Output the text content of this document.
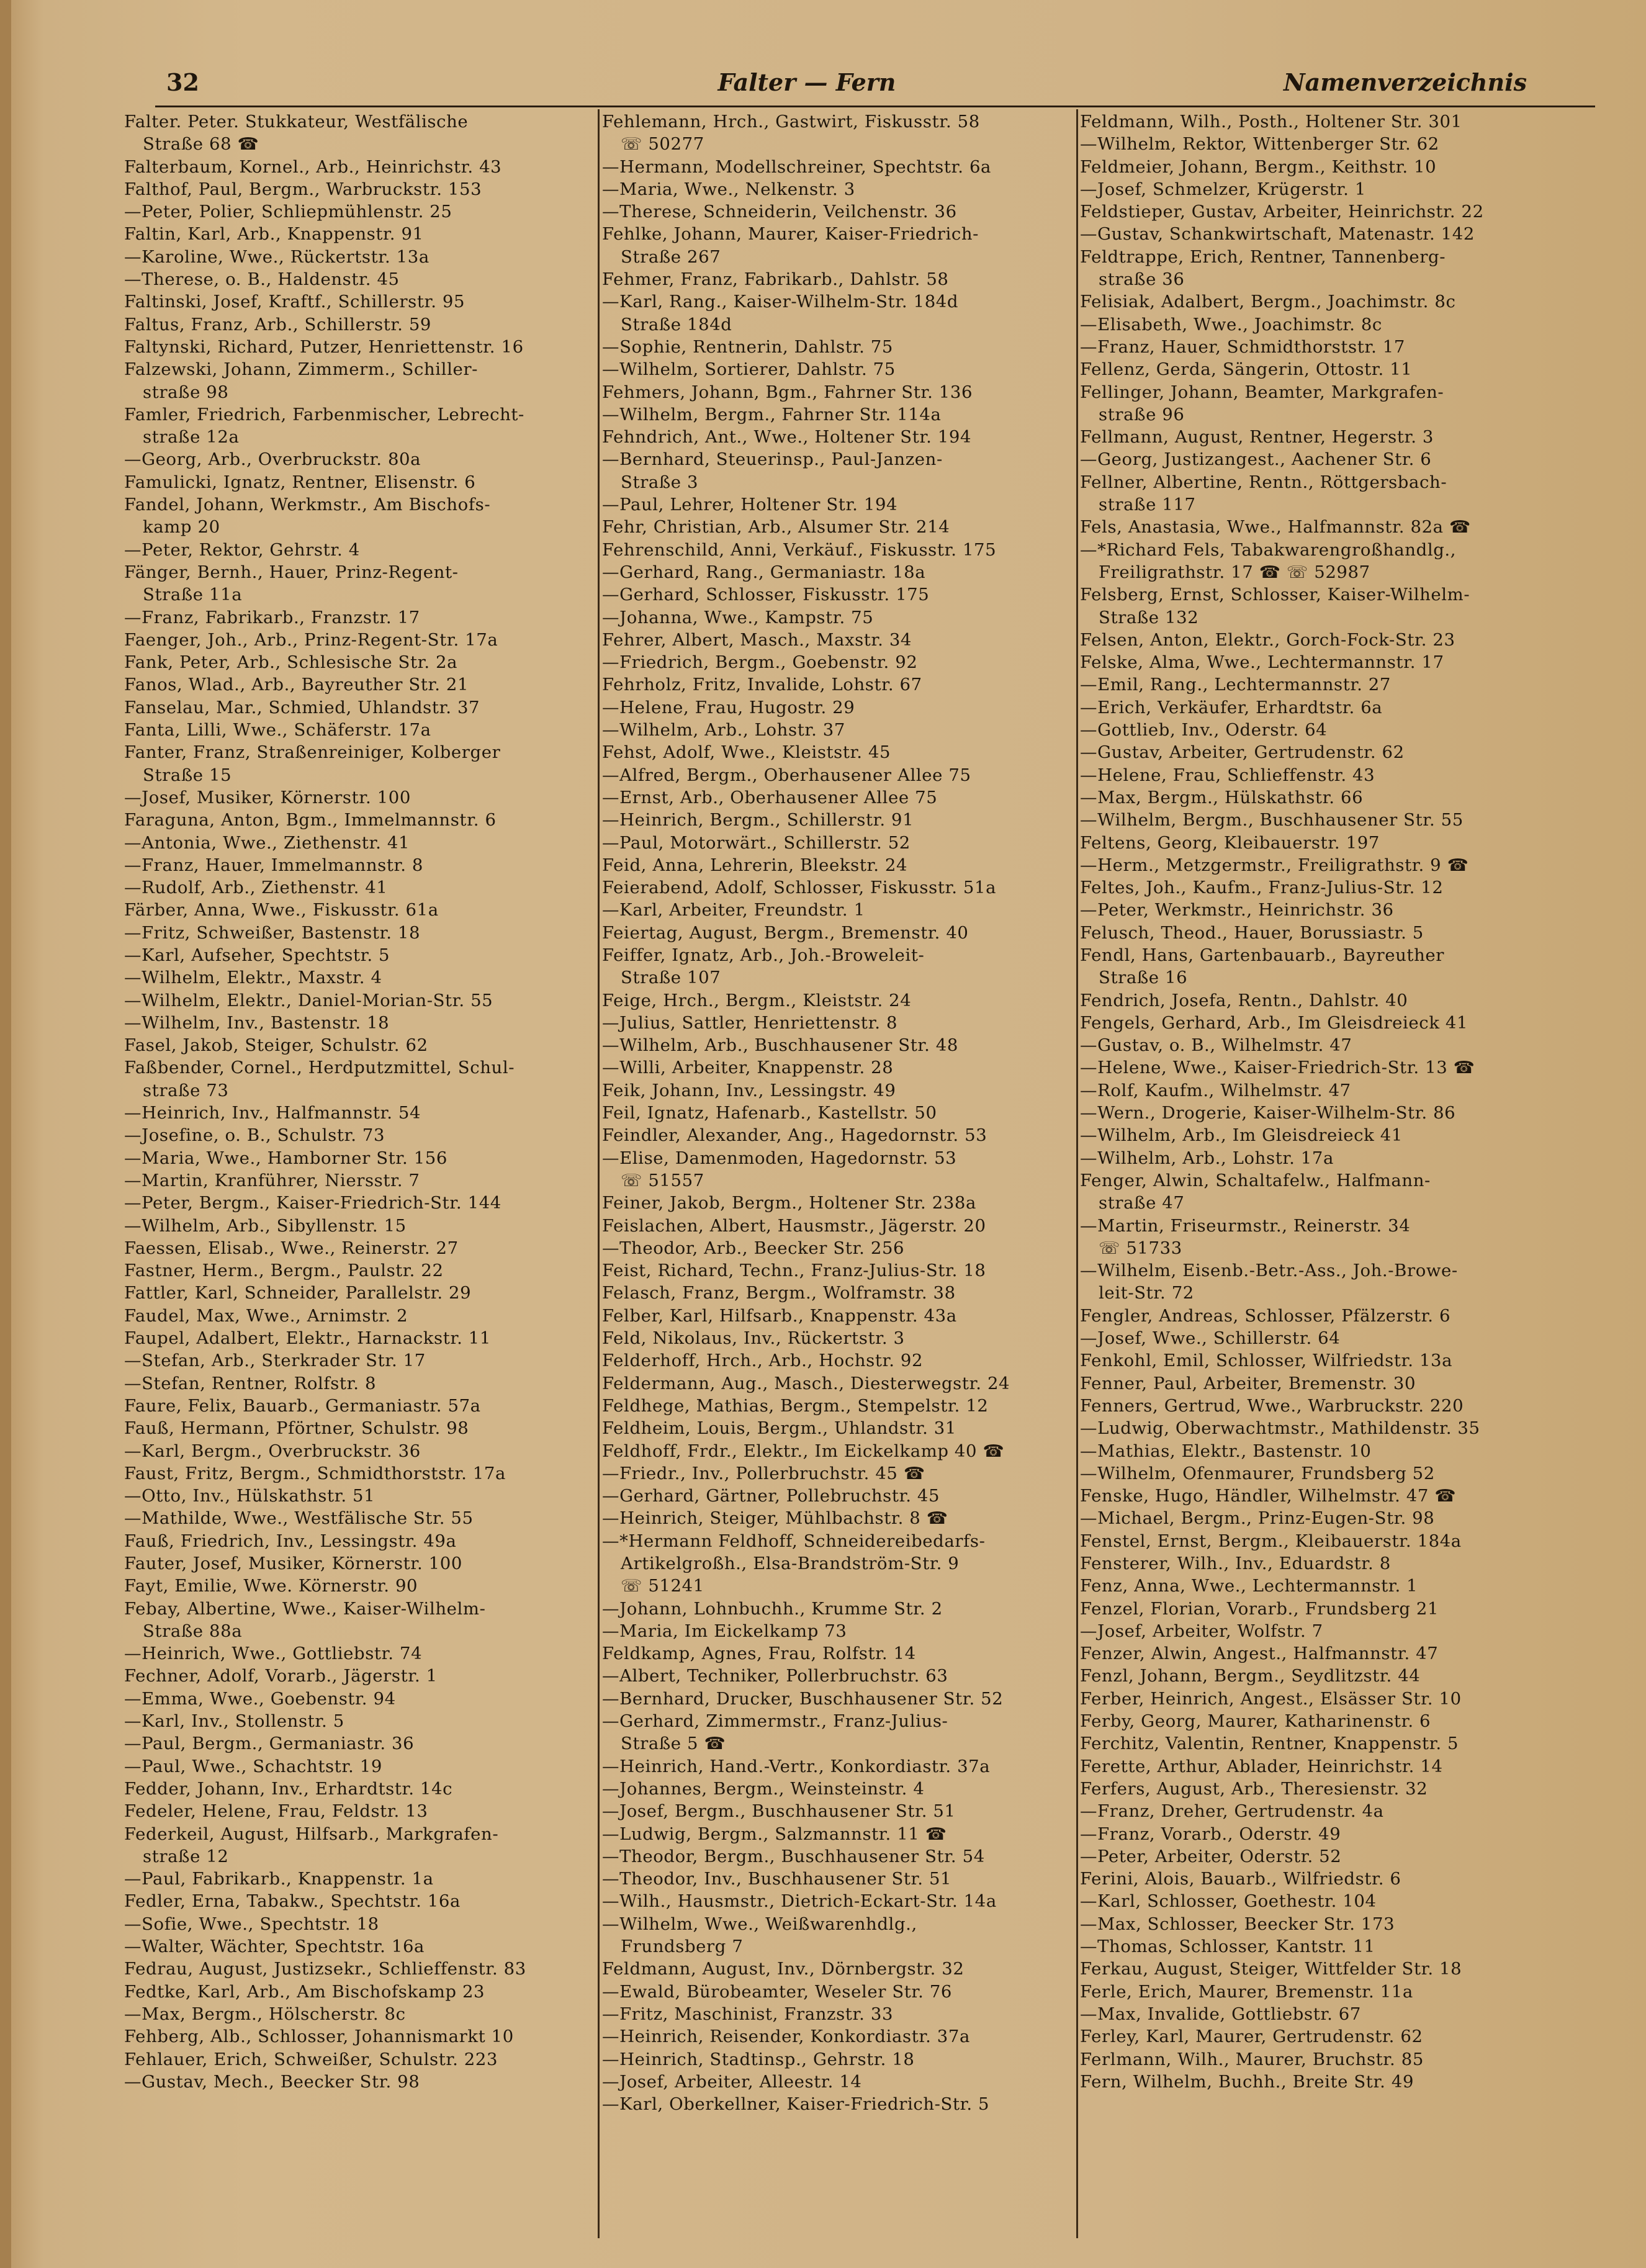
Falter — Fern
32	Namenverzeichnis
Falter. Peter. Stukkateur, Westfälische
Straße 68 ☎
Falterbaum, Kornel., Arb., Heinrichstr. 43
Falthof, Paul, Bergm., Warbruckstr. 153
—Peter, Polier, Schliepmühlenstr. 25
Faltin, Karl, Arb., Knappenstr. 91
—Karoline, Wwe., Rückertstr. 13a
—Therese, o. B., Haldenstr. 45
Faltinski, Josef, Kraftf., Schillerstr. 95
Faltus, Franz, Arb., Schillerstr. 59
Faltynski, Richard, Putzer, Henriettenstr. 16
Falzewski, Johann, Zimmerm., Schiller-
straße 98
Famler, Friedrich, Farbenmischer, Lebrecht-
straße 12a
—Georg, Arb., Overbruckstr. 80a
Famulicki, Ignatz, Rentner, Elisenstr. 6
Fandel, Johann, Werkmstr., Am Bischofs-
kamp 20
—Peter, Rektor, Gehrstr. 4
Fänger, Bernh., Hauer, Prinz-Regent-
Straße 11a
—Franz, Fabrikarb., Franzstr. 17
Faenger, Joh., Arb., Prinz-Regent-Str. 17a
Fank, Peter, Arb., Schlesische Str. 2a
Fanos, Wlad., Arb., Bayreuther Str. 21
Fanselau, Mar., Schmied, Uhlandstr. 37
Fanta, Lilli, Wwe., Schäferstr. 17a
Fanter, Franz, Straßenreiniger, Kolberger
Straße 15
—Josef, Musiker, Körnerstr. 100
Faraguna, Anton, Bgm., Immelmannstr. 6
—Antonia, Wwe., Ziethenstr. 41
—Franz, Hauer, Immelmannstr. 8
—Rudolf, Arb., Ziethenstr. 41
Färber, Anna, Wwe., Fiskusstr. 61a
—Fritz, Schweißer, Bastenstr. 18
—Karl, Aufseher, Spechtstr. 5
—Wilhelm, Elektr., Maxstr. 4
—Wilhelm, Elektr., Daniel-Morian-Str. 55
—Wilhelm, Inv., Bastenstr. 18
Fasel, Jakob, Steiger, Schulstr. 62
Faßbender, Cornel., Herdputzmittel, Schul-
straße 73
—Heinrich, Inv., Halfmannstr. 54
—Josefine, o. B., Schulstr. 73
—Maria, Wwe., Hamborner Str. 156
—Martin, Kranführer, Niersstr. 7
—Peter, Bergm., Kaiser-Friedrich-Str. 144
—Wilhelm, Arb., Sibyllenstr. 15
Faessen, Elisab., Wwe., Reinerstr. 27
Fastner, Herm., Bergm., Paulstr. 22
Fattler, Karl, Schneider, Parallelstr. 29
Faudel, Max, Wwe., Arnimstr. 2
Faupel, Adalbert, Elektr., Harnackstr. 11
—Stefan, Arb., Sterkrader Str. 17
—Stefan, Rentner, Rolfstr. 8
Faure, Felix, Bauarb., Germaniastr. 57a
Fauß, Hermann, Pförtner, Schulstr. 98
—Karl, Bergm., Overbruckstr. 36
Faust, Fritz, Bergm., Schmidthorststr. 17a
—Otto, Inv., Hülskathstr. 51
—Mathilde, Wwe., Westfälische Str. 55
Fauß, Friedrich, Inv., Lessingstr. 49a
Fauter, Josef, Musiker, Körnerstr. 100
Fayt, Emilie, Wwe. Körnerstr. 90
Febay, Albertine, Wwe., Kaiser-Wilhelm-
Straße 88a
—Heinrich, Wwe., Gottliebstr. 74
Fechner, Adolf, Vorarb., Jägerstr. 1
—Emma, Wwe., Goebenstr. 94
—Karl, Inv., Stollenstr. 5
—Paul, Bergm., Germaniastr. 36
—Paul, Wwe., Schachtstr. 19
Fedder, Johann, Inv., Erhardtstr. 14c
Fedeler, Helene, Frau, Feldstr. 13
Federkeil, August, Hilfsarb., Markgrafen-
straße 12
—Paul, Fabrikarb., Knappenstr. 1a
Fedler, Erna, Tabakw., Spechtstr. 16a
—Sofie, Wwe., Spechtstr. 18
—Walter, Wächter, Spechtstr. 16a
Fedrau, August, Justizsekr., Schlieffenstr. 83
Fedtke, Karl, Arb., Am Bischofskamp 23
—Max, Bergm., Hölscherstr. 8c
Fehberg, Alb., Schlosser, Johannismarkt 10
Fehlauer, Erich, Schweißer, Schulstr. 223
—Gustav, Mech., Beecker Str. 98
Fehlemann, Hrch., Gastwirt, Fiskusstr. 58
☏ 50277
—Hermann, Modellschreiner, Spechtstr. 6a
—Maria, Wwe., Nelkenstr. 3
—Therese, Schneiderin, Veilchenstr. 36
Fehlke, Johann, Maurer, Kaiser-Friedrich-
Straße 267
Fehmer, Franz, Fabrikarb., Dahlstr. 58
—Karl, Rang., Kaiser-Wilhelm-Str. 184d
Straße 184d
—Sophie, Rentnerin, Dahlstr. 75
—Wilhelm, Sortierer, Dahlstr. 75
Fehmers, Johann, Bgm., Fahrner Str. 136
—Wilhelm, Bergm., Fahrner Str. 114a
Fehndrich, Ant., Wwe., Holtener Str. 194
—Bernhard, Steuerinsp., Paul-Janzen-
Straße 3
—Paul, Lehrer, Holtener Str. 194
Fehr, Christian, Arb., Alsumer Str. 214
Fehrenschild, Anni, Verkäuf., Fiskusstr. 175
—Gerhard, Rang., Germaniastr. 18a
—Gerhard, Schlosser, Fiskusstr. 175
—Johanna, Wwe., Kampstr. 75
Fehrer, Albert, Masch., Maxstr. 34
—Friedrich, Bergm., Goebenstr. 92
Fehrholz, Fritz, Invalide, Lohstr. 67
—Helene, Frau, Hugostr. 29
—Wilhelm, Arb., Lohstr. 37
Fehst, Adolf, Wwe., Kleiststr. 45
—Alfred, Bergm., Oberhausener Allee 75
—Ernst, Arb., Oberhausener Allee 75
—Heinrich, Bergm., Schillerstr. 91
—Paul, Motorwärt., Schillerstr. 52
Feid, Anna, Lehrerin, Bleekstr. 24
Feierabend, Adolf, Schlosser, Fiskusstr. 51a
—Karl, Arbeiter, Freundstr. 1
Feiertag, August, Bergm., Bremenstr. 40
Feiffer, Ignatz, Arb., Joh.-Broweleit-
Straße 107
Feige, Hrch., Bergm., Kleiststr. 24
—Julius, Sattler, Henriettenstr. 8
—Wilhelm, Arb., Buschhausener Str. 48
—Willi, Arbeiter, Knappenstr. 28
Feik, Johann, Inv., Lessingstr. 49
Feil, Ignatz, Hafenarb., Kastellstr. 50
Feindler, Alexander, Ang., Hagedornstr. 53
—Elise, Damenmoden, Hagedornstr. 53
☏ 51557
Feiner, Jakob, Bergm., Holtener Str. 238a
Feislachen, Albert, Hausmstr., Jägerstr. 20
—Theodor, Arb., Beecker Str. 256
Feist, Richard, Techn., Franz-Julius-Str. 18
Felasch, Franz, Bergm., Wolframstr. 38
Felber, Karl, Hilfsarb., Knappenstr. 43a
Feld, Nikolaus, Inv., Rückertstr. 3
Felderhoff, Hrch., Arb., Hochstr. 92
Feldermann, Aug., Masch., Diesterwegstr. 24
Feldhege, Mathias, Bergm., Stempelstr. 12
Feldheim, Louis, Bergm., Uhlandstr. 31
Feldhoff, Frdr., Elektr., Im Eickelkamp 40 ☎
—Friedr., Inv., Pollerbruchstr. 45 ☎
—Gerhard, Gärtner, Pollebruchstr. 45
—Heinrich, Steiger, Mühlbachstr. 8 ☎
—*Hermann Feldhoff, Schneidereibedarfs-
Artikelgroßh., Elsa-Brandström-Str. 9
☏ 51241
—Johann, Lohnbuchh., Krumme Str. 2
—Maria, Im Eickelkamp 73
Feldkamp, Agnes, Frau, Rolfstr. 14
—Albert, Techniker, Pollerbruchstr. 63
—Bernhard, Drucker, Buschhausener Str. 52
—Gerhard, Zimmermstr., Franz-Julius-
Straße 5 ☎
—Heinrich, Hand.-Vertr., Konkordiastr. 37a
—Johannes, Bergm., Weinsteinstr. 4
—Josef, Bergm., Buschhausener Str. 51
—Ludwig, Bergm., Salzmannstr. 11 ☎
—Theodor, Bergm., Buschhausener Str. 54
—Theodor, Inv., Buschhausener Str. 51
—Wilh., Hausmstr., Dietrich-Eckart-Str. 14a
—Wilhelm, Wwe., Weißwarenhdlg.,
Frundsberg 7
Feldmann, August, Inv., Dörnbergstr. 32
—Ewald, Bürobeamter, Weseler Str. 76
—Fritz, Maschinist, Franzstr. 33
—Heinrich, Reisender, Konkordiastr. 37a
—Heinrich, Stadtinsp., Gehrstr. 18
—Josef, Arbeiter, Alleestr. 14
—Karl, Oberkellner, Kaiser-Friedrich-Str. 5
Feldmann, Wilh., Posth., Holtener Str. 301
—Wilhelm, Rektor, Wittenberger Str. 62
Feldmeier, Johann, Bergm., Keithstr. 10
—Josef, Schmelzer, Krügerstr. 1
Feldstieper, Gustav, Arbeiter, Heinrichstr. 22
—Gustav, Schankwirtschaft, Matenastr. 142
Feldtrappe, Erich, Rentner, Tannenberg-
straße 36
Felisiak, Adalbert, Bergm., Joachimstr. 8c
—Elisabeth, Wwe., Joachimstr. 8c
—Franz, Hauer, Schmidthorststr. 17
Fellenz, Gerda, Sängerin, Ottostr. 11
Fellinger, Johann, Beamter, Markgrafen-
straße 96
Fellmann, August, Rentner, Hegerstr. 3
—Georg, Justizangest., Aachener Str. 6
Fellner, Albertine, Rentn., Röttgersbach-
straße 117
Fels, Anastasia, Wwe., Halfmannstr. 82a ☎
—*Richard Fels, Tabakwarengroßhandlg.,
Freiligrathstr. 17 ☎ ☏ 52987
Felsberg, Ernst, Schlosser, Kaiser-Wilhelm-
Straße 132
Felsen, Anton, Elektr., Gorch-Fock-Str. 23
Felske, Alma, Wwe., Lechtermannstr. 17
—Emil, Rang., Lechtermannstr. 27
—Erich, Verkäufer, Erhardtstr. 6a
—Gottlieb, Inv., Oderstr. 64
—Gustav, Arbeiter, Gertrudenstr. 62
—Helene, Frau, Schlieffenstr. 43
—Max, Bergm., Hülskathstr. 66
—Wilhelm, Bergm., Buschhausener Str. 55
Feltens, Georg, Kleibauerstr. 197
—Herm., Metzgermstr., Freiligrathstr. 9 ☎
Feltes, Joh., Kaufm., Franz-Julius-Str. 12
—Peter, Werkmstr., Heinrichstr. 36
Felusch, Theod., Hauer, Borussiastr. 5
Fendl, Hans, Gartenbauarb., Bayreuther
Straße 16
Fendrich, Josefa, Rentn., Dahlstr. 40
Fengels, Gerhard, Arb., Im Gleisdreieck 41
—Gustav, o. B., Wilhelmstr. 47
—Helene, Wwe., Kaiser-Friedrich-Str. 13 ☎
—Rolf, Kaufm., Wilhelmstr. 47
—Wern., Drogerie, Kaiser-Wilhelm-Str. 86
—Wilhelm, Arb., Im Gleisdreieck 41
—Wilhelm, Arb., Lohstr. 17a
Fenger, Alwin, Schaltafelw., Halfmann-
straße 47
—Martin, Friseurmstr., Reinerstr. 34
☏ 51733
—Wilhelm, Eisenb.-Betr.-Ass., Joh.-Browe-
leit-Str. 72
Fengler, Andreas, Schlosser, Pfälzerstr. 6
—Josef, Wwe., Schillerstr. 64
Fenkohl, Emil, Schlosser, Wilfriedstr. 13a
Fenner, Paul, Arbeiter, Bremenstr. 30
Fenners, Gertrud, Wwe., Warbruckstr. 220
—Ludwig, Oberwachtmstr., Mathildenstr. 35
—Mathias, Elektr., Bastenstr. 10
—Wilhelm, Ofenmaurer, Frundsberg 52
Fenske, Hugo, Händler, Wilhelmstr. 47 ☎
—Michael, Bergm., Prinz-Eugen-Str. 98
Fenstel, Ernst, Bergm., Kleibauerstr. 184a
Fensterer, Wilh., Inv., Eduardstr. 8
Fenz, Anna, Wwe., Lechtermannstr. 1
Fenzel, Florian, Vorarb., Frundsberg 21
—Josef, Arbeiter, Wolfstr. 7
Fenzer, Alwin, Angest., Halfmannstr. 47
Fenzl, Johann, Bergm., Seydlitzstr. 44
Ferber, Heinrich, Angest., Elsässer Str. 10
Ferby, Georg, Maurer, Katharinenstr. 6
Ferchitz, Valentin, Rentner, Knappenstr. 5
Ferette, Arthur, Ablader, Heinrichstr. 14
Ferfers, August, Arb., Theresienstr. 32
—Franz, Dreher, Gertrudenstr. 4a
—Franz, Vorarb., Oderstr. 49
—Peter, Arbeiter, Oderstr. 52
Ferini, Alois, Bauarb., Wilfriedstr. 6
—Karl, Schlosser, Goethestr. 104
—Max, Schlosser, Beecker Str. 173
—Thomas, Schlosser, Kantstr. 11
Ferkau, August, Steiger, Wittfelder Str. 18
Ferle, Erich, Maurer, Bremenstr. 11a
—Max, Invalide, Gottliebstr. 67
Ferley, Karl, Maurer, Gertrudenstr. 62
Ferlmann, Wilh., Maurer, Bruchstr. 85
Fern, Wilhelm, Buchh., Breite Str. 49
